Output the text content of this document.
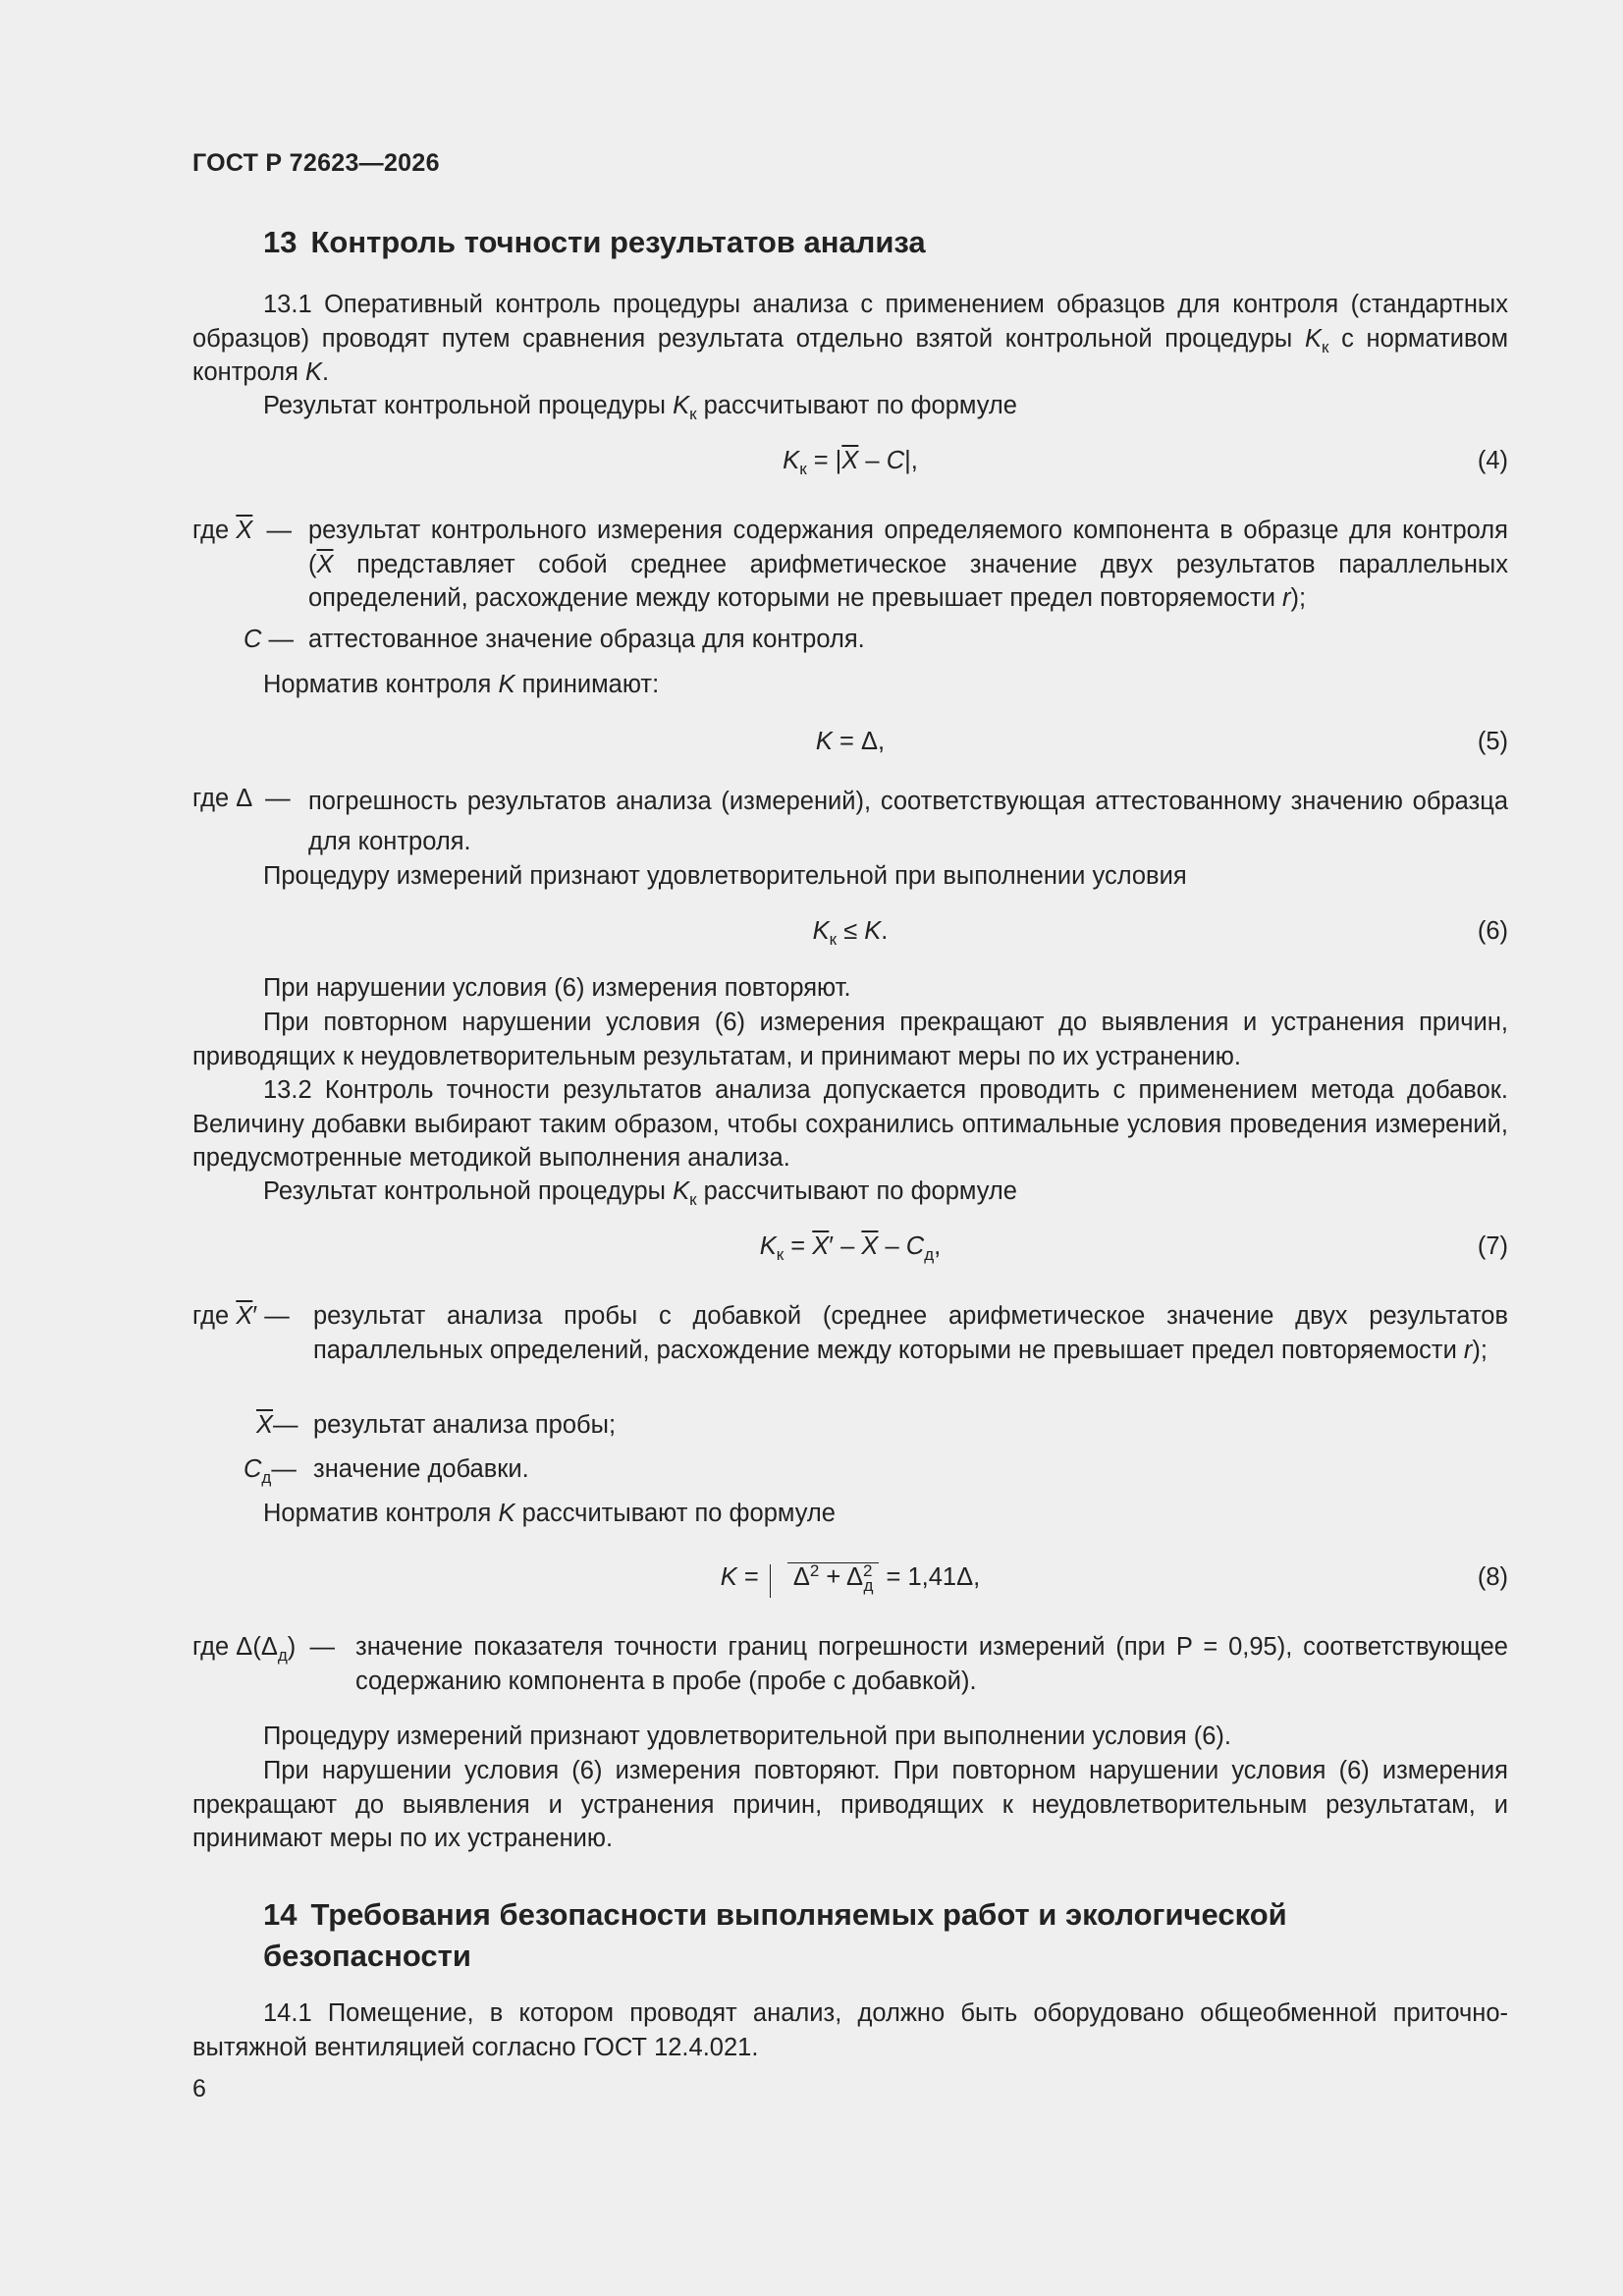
ГОСТ Р 72623—2026
13 Контроль точности результатов анализа
13.1 Оперативный контроль процедуры анализа с применением образцов для контроля (стандартных образцов) проводят путем сравнения результата отдельно взятой контрольной процедуры $K_к$ с нормативом контроля K.
Результат контрольной процедуры $K_к$ рассчитывают по формуле
$K_к = |\overline{X} - C|$,	(4)
где $\overline{X}$  — результат контрольного измерения содержания определяемого компонента в образце для контроля ($\overline{X}$ представляет собой среднее арифметическое значение двух результатов параллельных определений, расхождение между которыми не превышает предел повторяемости r);
C — аттестованное значение образца для контроля.
Норматив контроля K принимают:
K = Δ,	(5)
где Δ  — погрешность результатов анализа (измерений), соответствующая аттестованному значению образца для контроля.
Процедуру измерений признают удовлетворительной при выполнении условия
$K_к \le K$.	(6)
При нарушении условия (6) измерения повторяют.
При повторном нарушении условия (6) измерения прекращают до выявления и устранения причин, приводящих к неудовлетворительным результатам, и принимают меры по их устранению.
13.2 Контроль точности результатов анализа допускается проводить с применением метода добавок. Величину добавки выбирают таким образом, чтобы сохранились оптимальные условия проведения измерений, предусмотренные методикой выполнения анализа.
Результат контрольной процедуры $K_к$ рассчитывают по формуле
$K_к = \overline{X}' - \overline{X} - C_д$,	(7)
где $\overline{X}'$ — результат анализа пробы с добавкой (среднее арифметическое значение двух результатов параллельных определений, расхождение между которыми не превышает предел повторяемости r);
$\overline{X}—$ результат анализа пробы;
$C_д—$ значение добавки.
Норматив контроля K рассчитывают по формуле
$K = \Delta^2 + \Delta^2_д = 1,41\Delta$,	(8)
где $\Delta(\Delta_д)$  — значение показателя точности границ погрешности измерений (при P = 0,95), соответствующее содержанию компонента в пробе (пробе с добавкой).
Процедуру измерений признают удовлетворительной при выполнении условия (6).
При нарушении условия (6) измерения повторяют. При повторном нарушении условия (6) измерения прекращают до выявления и устранения причин, приводящих к неудовлетворительным результатам, и принимают меры по их устранению.
14 Требования безопасности выполняемых работ и экологической
безопасности
14.1 Помещение, в котором проводят анализ, должно быть оборудовано общеобменной приточно-вытяжной вентиляцией согласно ГОСТ 12.4.021.
6
